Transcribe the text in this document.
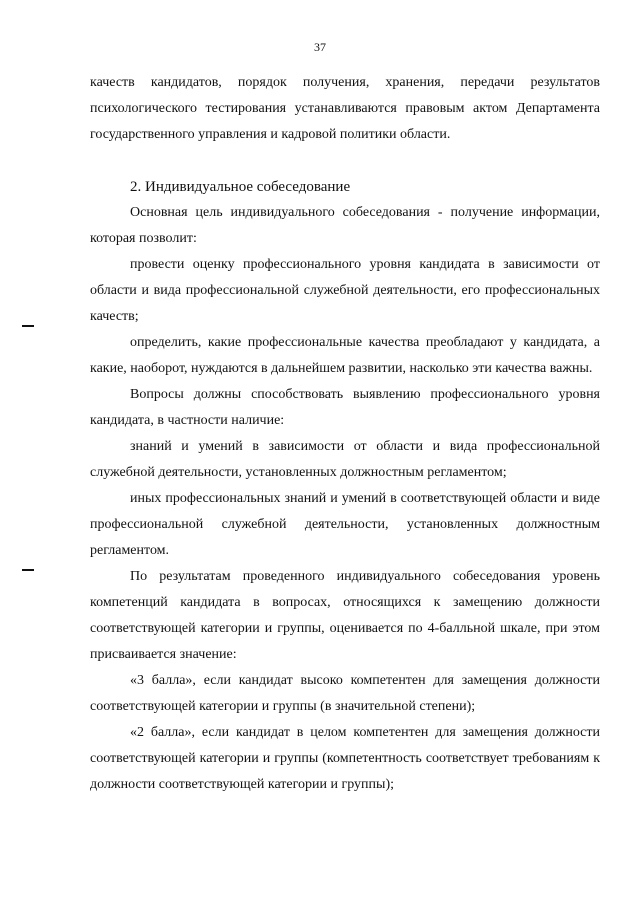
37

качеств кандидатов, порядок получения, хранения, передачи результатов психологического тестирования устанавливаются правовым актом Департамента государственного управления и кадровой политики области.

2. Индивидуальное собеседование

Основная цель индивидуального собеседования - получение информации, которая позволит:

провести оценку профессионального уровня кандидата в зависимости от области и вида профессиональной служебной деятельности, его профессиональных качеств;

определить, какие профессиональные качества преобладают у кандидата, а какие, наоборот, нуждаются в дальнейшем развитии, насколько эти качества важны.

Вопросы должны способствовать выявлению профессионального уровня кандидата, в частности наличие:

знаний и умений в зависимости от области и вида профессиональной служебной деятельности, установленных должностным регламентом;

иных профессиональных знаний и умений в соответствующей области и виде профессиональной служебной деятельности, установленных должностным регламентом.

По результатам проведенного индивидуального собеседования уровень компетенций кандидата в вопросах, относящихся к замещению должности соответствующей категории и группы, оценивается по 4-балльной шкале, при этом присваивается значение:

«3 балла», если кандидат высоко компетентен для замещения должности соответствующей категории и группы (в значительной степени);

«2 балла», если кандидат в целом компетентен для замещения должности соответствующей категории и группы (компетентность соответствует требованиям к должности соответствующей категории и группы);
